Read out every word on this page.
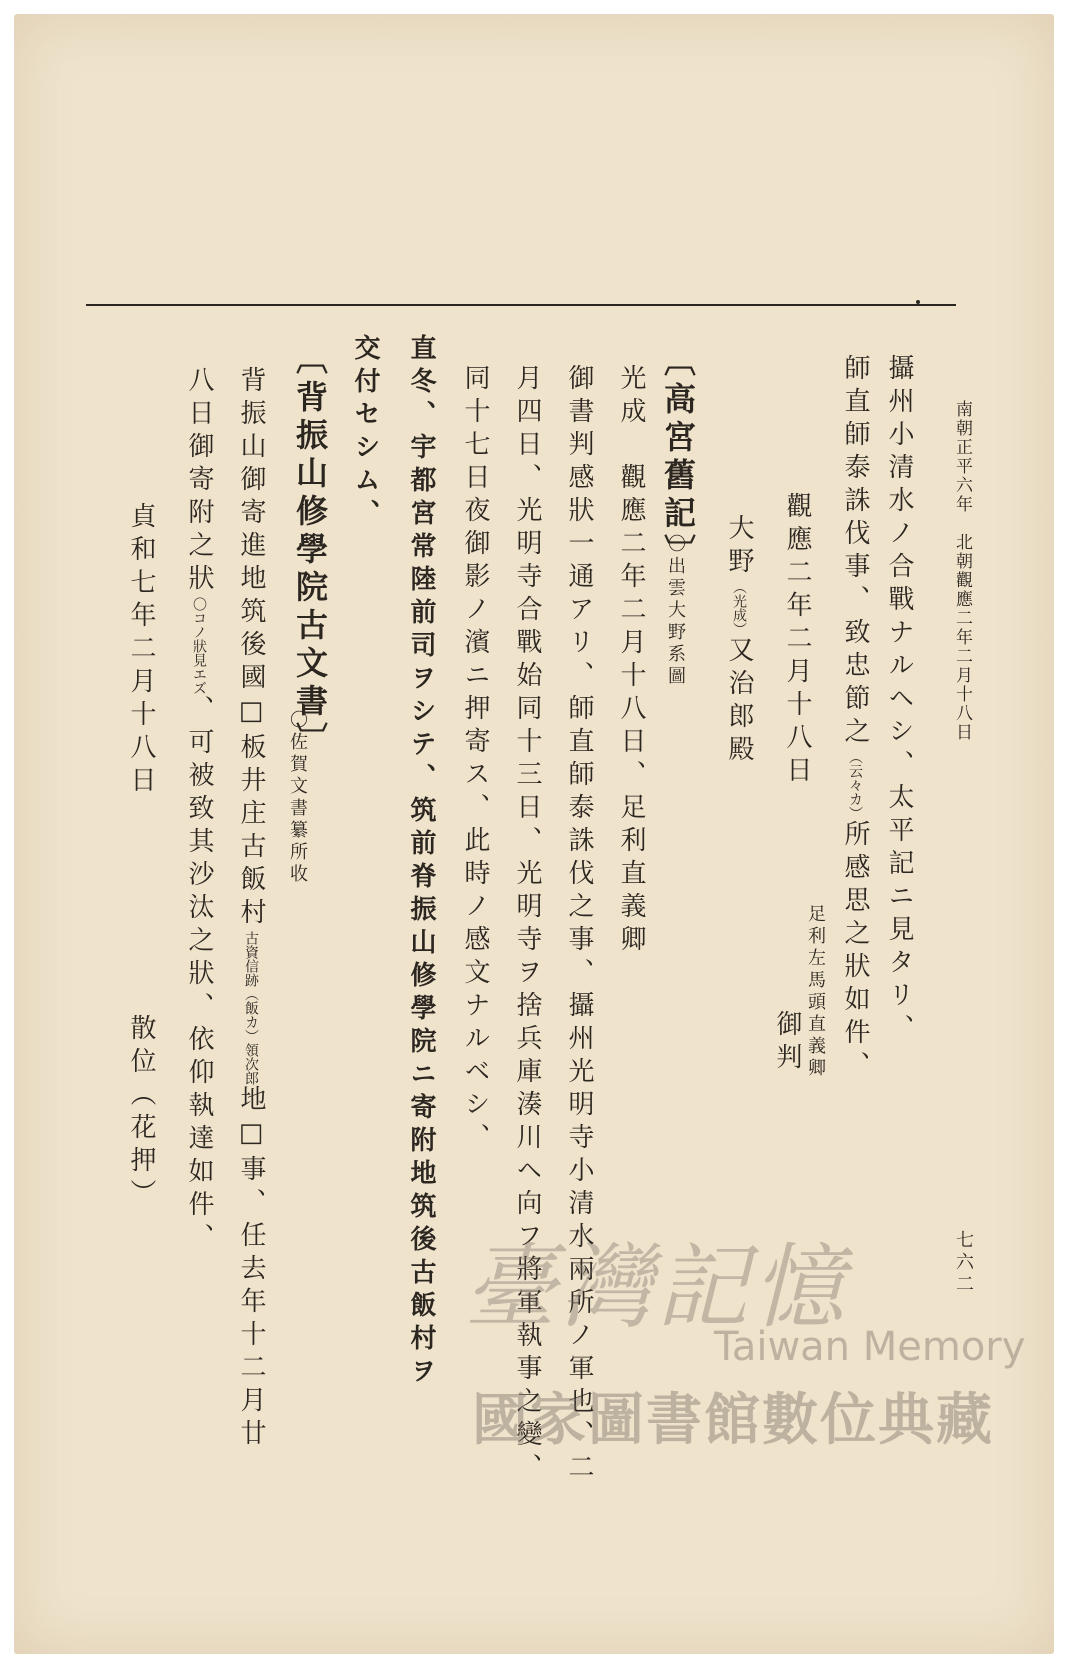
南朝正平六年　北朝觀應二年二月十八日
攝州小清水ノ合戰ナルヘシ、太平記ニ見タリ、
師直師泰誅伐事、致忠節之（云々カ）所感思之狀如件、
觀應二年二月十八日
足利左馬頭直義卿
御判
大野（光成）又治郎殿
〔高宮舊記〕
〇出雲大野系圖
光成　觀應二年二月十八日、足利直義卿
御書判感狀一通アリ、師直師泰誅伐之事、攝州光明寺小清水兩所ノ軍也、二
月四日、光明寺合戰始同十三日、光明寺ヲ捨兵庫湊川ヘ向フ將軍執事之變、
同十七日夜御影ノ濱ニ押寄ス、此時ノ感文ナルベシ、
直冬、宇都宮常陸前司ヲシテ、筑前脊振山修學院ニ寄附地筑後古飯村ヲ
交付セシム、
〔背振山修學院古文書〕
〇佐賀文書纂所收
背振山御寄進地筑後國□板井庄古飯村古資信跡（飯カ）領次郎地□事、任去年十二月廿
八日御寄附之狀〇コノ狀見エズ、可被致其沙汰之狀、依仰執達如件、
貞和七年二月十八日
散位（花押）
七六二
臺灣記憶
Taiwan Memory
國家圖書館數位典藏
